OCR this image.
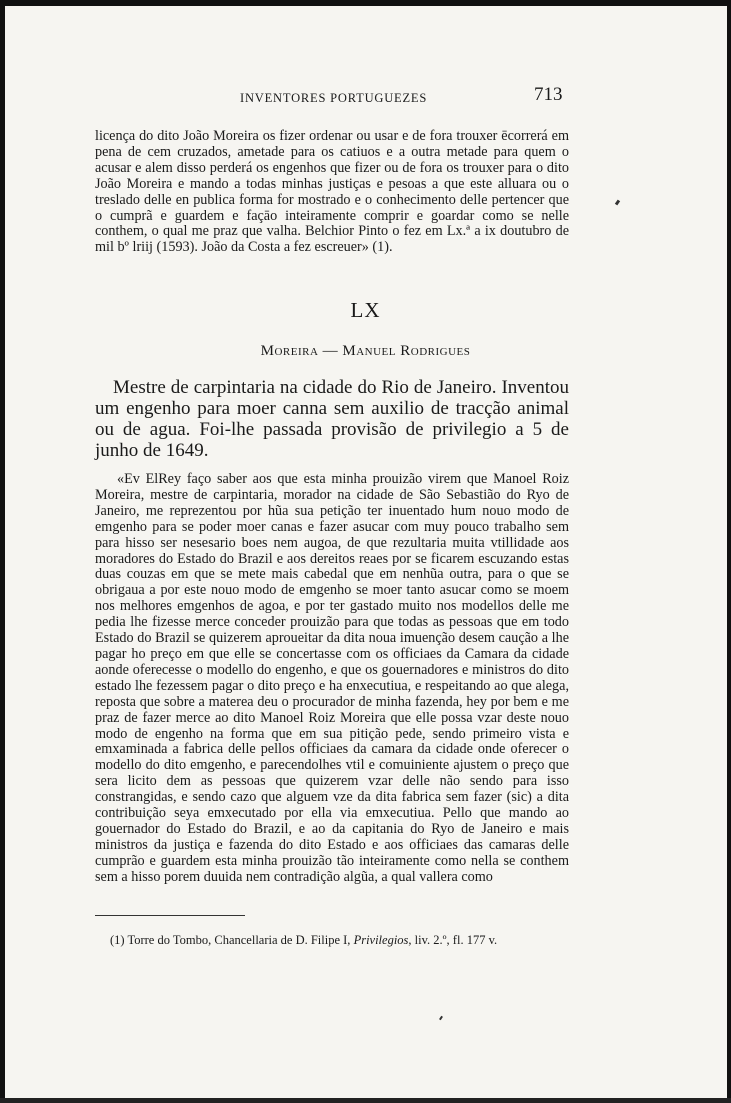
INVENTORES PORTUGUEZES	713

licença do dito João Moreira os fizer ordenar ou usar e de fora trouxer ēcorrerá em pena de cem cruzados, ametade para os catiuos e a outra metade para quem o acusar e alem disso perderá os engenhos que fizer ou de fora os trouxer para o dito João Moreira e mando a todas minhas justiças e pesoas a que este alluara ou o treslado delle en publica forma for mostrado e o conhecimento delle pertencer que o cumprã e guardem e façāo inteiramente comprir e goardar como se nelle conthem, o qual me praz que valha. Belchior Pinto o fez em Lx.ª a ix doutubro de mil bº lriij (1593). João da Costa a fez escreuer» (1).

LX
Moreira — Manuel Rodrigues

Mestre de carpintaria na cidade do Rio de Janeiro. Inventou um engenho para moer canna sem auxilio de tracção animal ou de agua. Foi-lhe passada provisão de privilegio a 5 de junho de 1649.

«Ev ElRey faço saber aos que esta minha prouizão virem que Manoel Roiz Moreira, mestre de carpintaria, morador na cidade de São Sebastião do Ryo de Janeiro, me reprezentou por hũa sua petição ter inuentado hum nouo modo de emgenho para se poder moer canas e fazer asucar com muy pouco trabalho sem para hisso ser nesesario boes nem augoa, de que rezultaria muita vtillidade aos moradores do Estado do Brazil e aos dereitos reaes por se ficarem escuzando estas duas couzas em que se mete mais cabedal que em nenhũa outra, para o que se obrigaua a por este nouo modo de emgenho se moer tanto asucar como se moem nos melhores emgenhos de agoa, e por ter gastado muito nos modellos delle me pedia lhe fizesse merce conceder prouizão para que todas as pessoas que em todo Estado do Brazil se quizerem aproueitar da dita noua imuenção desem caução a lhe pagar ho preço em que elle se concertasse com os officiaes da Camara da cidade aonde oferecesse o modello do engenho, e que os gouernadores e ministros do dito estado lhe fezessem pagar o dito preço e ha enxecutiua, e respeitando ao que alega, reposta que sobre a materea deu o procurador de minha fazenda, hey por bem e me praz de fazer merce ao dito Manoel Roiz Moreira que elle possa vzar deste nouo modo de engenho na forma que em sua pitição pede, sendo primeiro vista e emxaminada a fabrica delle pellos officiaes da camara da cidade onde oferecer o modello do dito emgenho, e parecendolhes vtil e comuiniente ajustem o preço que sera licito dem as pessoas que quizerem vzar delle não sendo para isso constrangidas, e sendo cazo que alguem vze da dita fabrica sem fazer (sic) a dita contribuição seya emxecutado por ella via emxecutiua. Pello que mando ao gouernador do Estado do Brazil, e ao da capitania do Ryo de Janeiro e mais ministros da justiça e fazenda do dito Estado e aos officiaes das camaras delle cumprão e guardem esta minha prouizão tão inteiramente como nella se conthem sem a hisso porem duuida nem contradição algũa, a qual vallera como

(1) Torre do Tombo, Chancellaria de D. Filipe I, Privilegios, liv. 2.º, fl. 177 v.
